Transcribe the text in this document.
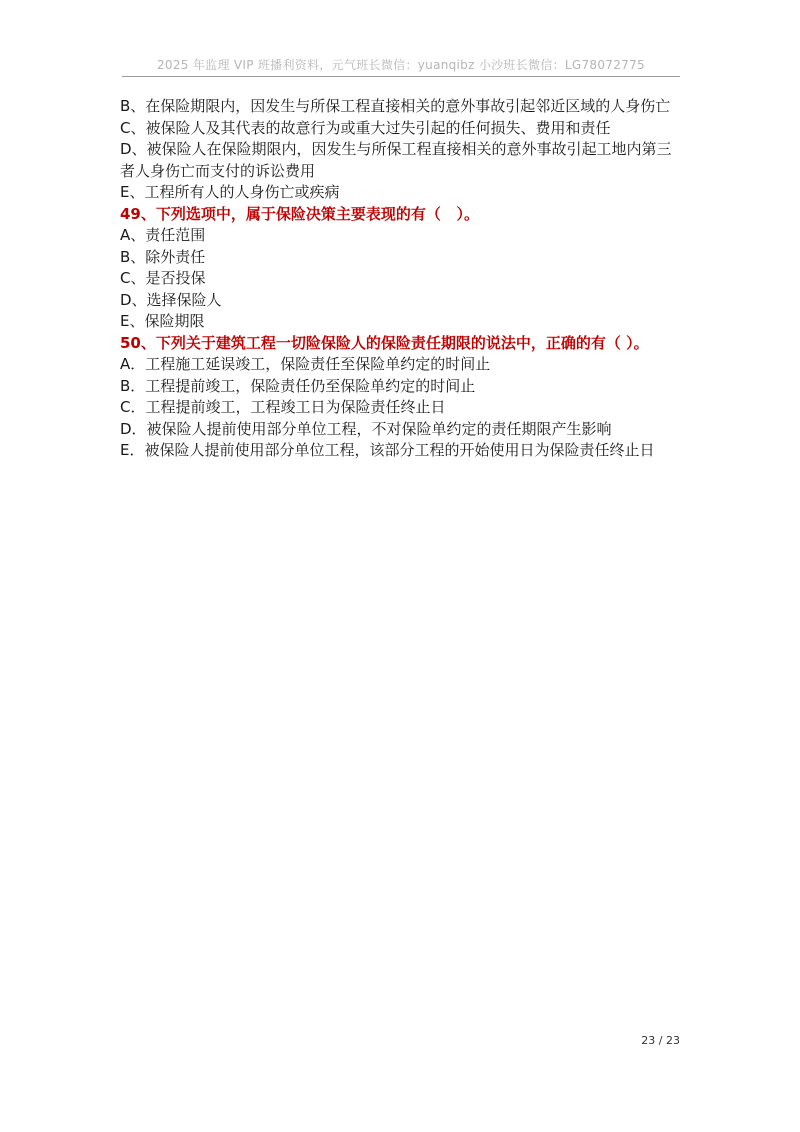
2025 年监理 VIP 班播利资料，元气班长微信：yuanqibz 小沙班长微信：LG78072775
B、在保险期限内，因发生与所保工程直接相关的意外事故引起邻近区域的人身伤亡
C、被保险人及其代表的故意行为或重大过失引起的任何损失、费用和责任
D、被保险人在保险期限内，因发生与所保工程直接相关的意外事故引起工地内第三者人身伤亡而支付的诉讼费用
E、工程所有人的人身伤亡或疾病
49、下列选项中，属于保险决策主要表现的有（   ）。
A、责任范围
B、除外责任
C、是否投保
D、选择保险人
E、保险期限
50、下列关于建筑工程一切险保险人的保险责任期限的说法中，正确的有（ ）。
A．工程施工延误竣工，保险责任至保险单约定的时间止
B．工程提前竣工，保险责任仍至保险单约定的时间止
C．工程提前竣工，工程竣工日为保险责任终止日
D．被保险人提前使用部分单位工程，不对保险单约定的责任期限产生影响
E．被保险人提前使用部分单位工程，该部分工程的开始使用日为保险责任终止日
23 / 23
